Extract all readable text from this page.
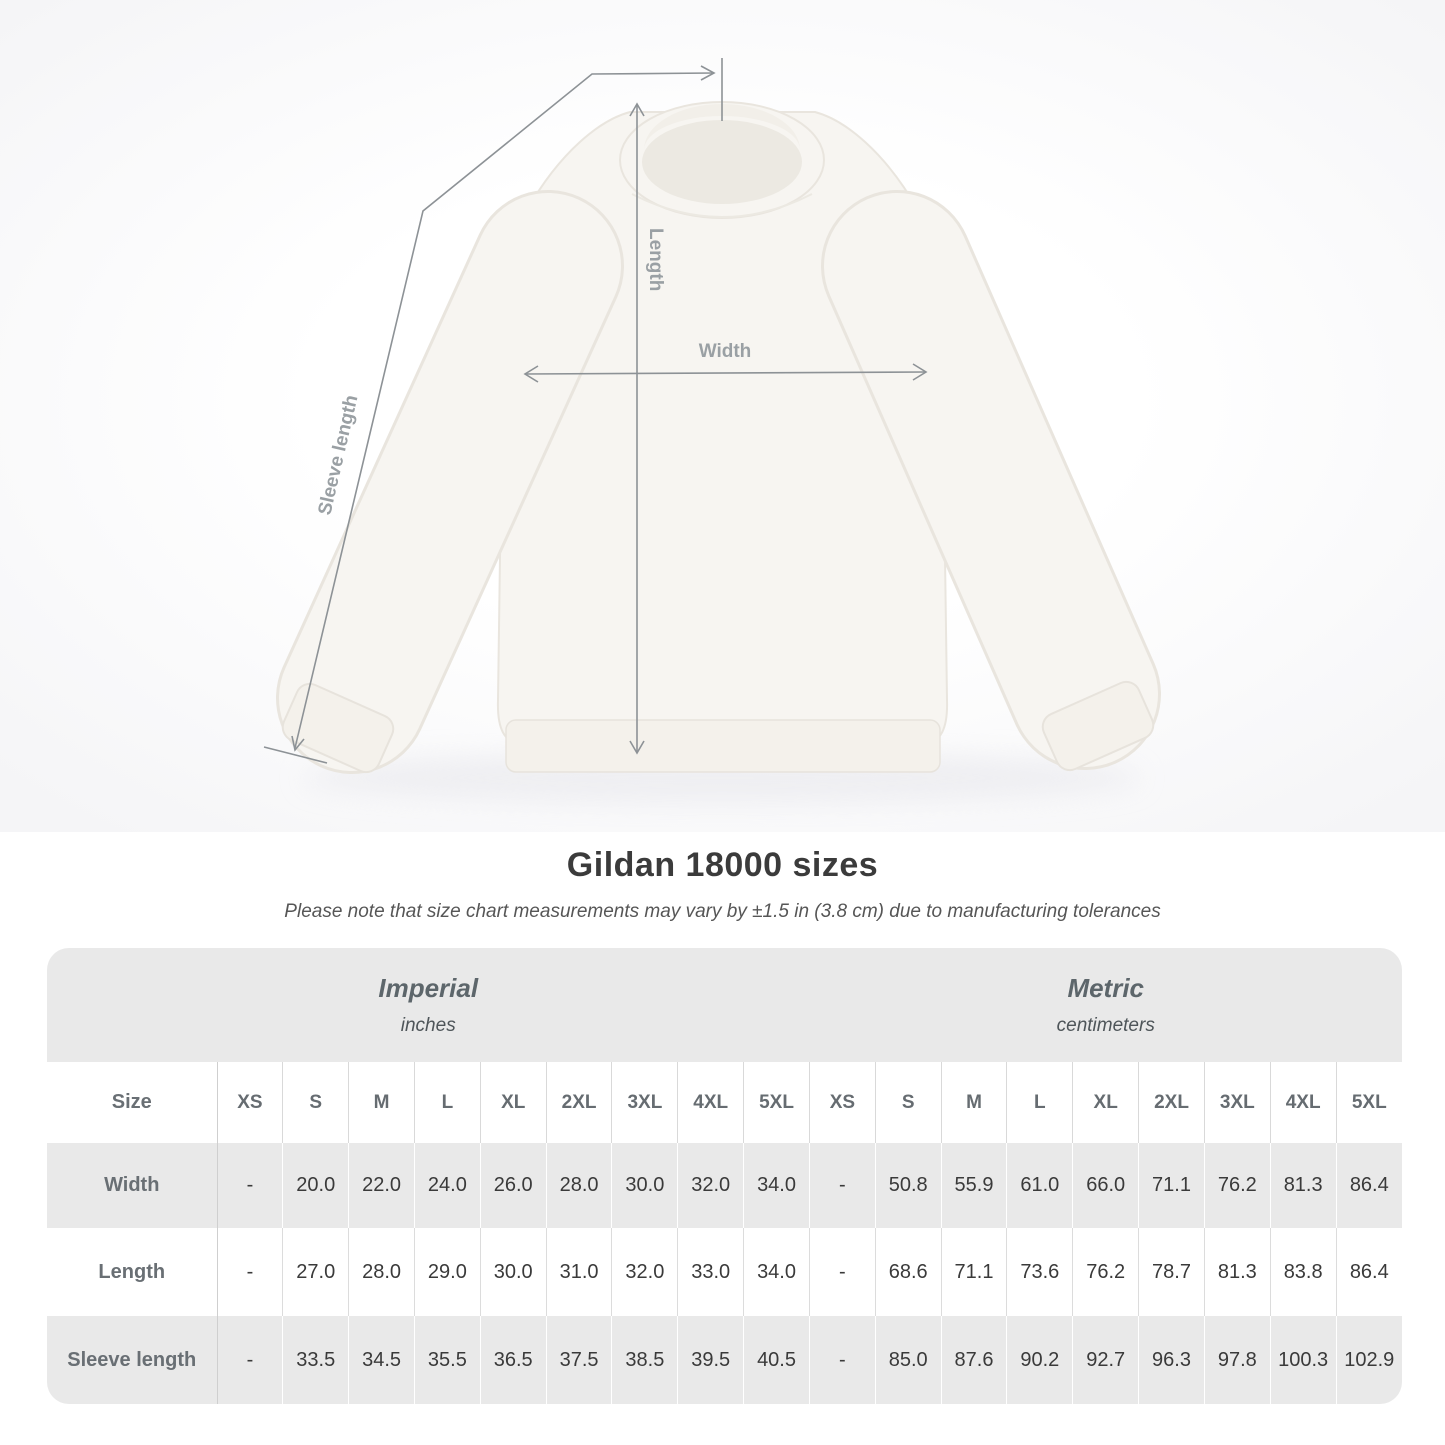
Width
Length
Sleeve length
Gildan 18000 sizes
Please note that size chart measurements may vary by ±1.5 in (3.8 cm) due to manufacturing tolerances
Imperial
inches

Metric
centimeters

Size	XS	S	M	L	XL	2XL	3XL	4XL	5XL	XS	S	M	L	XL	2XL	3XL	4XL	5XL
Width	-	20.0	22.0	24.0	26.0	28.0	30.0	32.0	34.0	-	50.8	55.9	61.0	66.0	71.1	76.2	81.3	86.4
Length	-	27.0	28.0	29.0	30.0	31.0	32.0	33.0	34.0	-	68.6	71.1	73.6	76.2	78.7	81.3	83.8	86.4
Sleeve length	-	33.5	34.5	35.5	36.5	37.5	38.5	39.5	40.5	-	85.0	87.6	90.2	92.7	96.3	97.8	100.3	102.9
